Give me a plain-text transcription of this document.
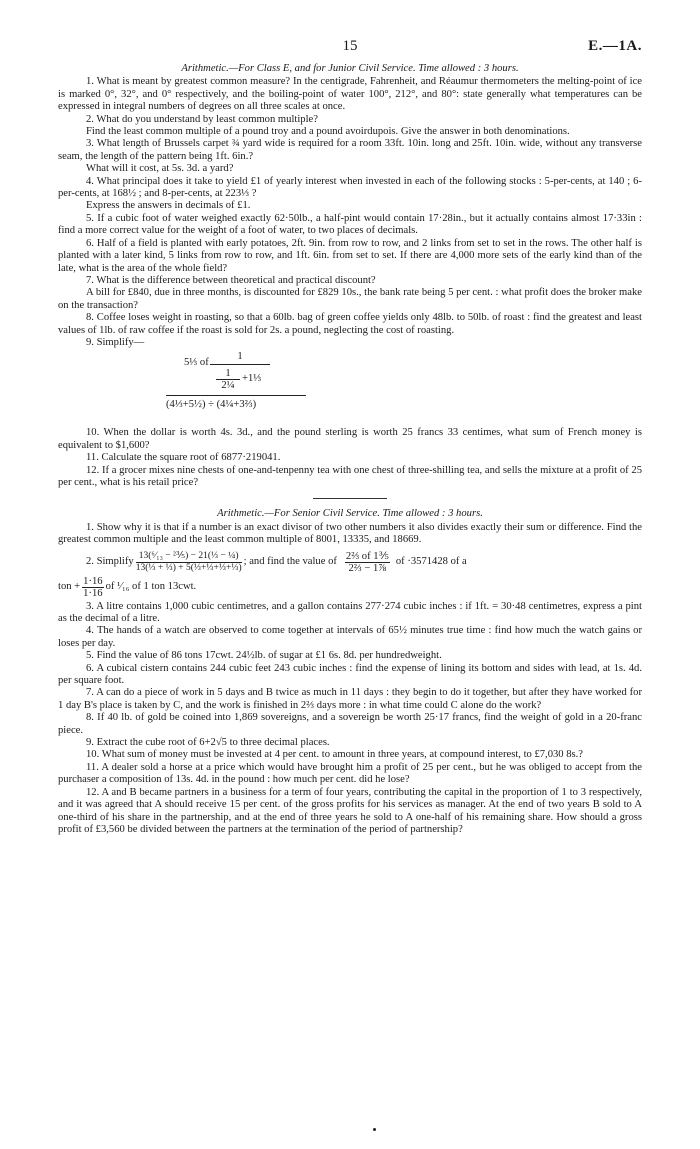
15	E.—1A.
Arithmetic.—For Class E, and for Junior Civil Service. Time allowed : 3 hours.

1. What is meant by greatest common measure? In the centigrade, Fahrenheit, and Réaumur thermometers the melting-point of ice is marked 0°, 32°, and 0° respectively, and the boiling-point of water 100°, 212°, and 80°: state generally what temperatures can be expressed in integral numbers of degrees on all three scales at once.

2. What do you understand by least common multiple?

Find the least common multiple of a pound troy and a pound avoirdupois. Give the answer in both denominations.

3. What length of Brussels carpet ¾ yard wide is required for a room 33ft. 10in. long and 25ft. 10in. wide, without any transverse seam, the length of the pattern being 1ft. 6in.?

What will it cost, at 5s. 3d. a yard?

4. What principal does it take to yield £1 of yearly interest when invested in each of the following stocks : 5-per-cents, at 140 ; 6-per-cents, at 168½ ; and 8-per-cents, at 223⅓ ?

Express the answers in decimals of £1.

5. If a cubic foot of water weighed exactly 62·50lb., a half-pint would contain 17·28in., but it actually contains almost 17·33in : find a more correct value for the weight of a foot of water, to two places of decimals.

6. Half of a field is planted with early potatoes, 2ft. 9in. from row to row, and 2 links from set to set in the rows. The other half is planted with a later kind, 5 links from row to row, and 1ft. 6in. from set to set. If there are 4,000 more sets of the early kind than of the late, what is the area of the whole field?

7. What is the difference between theoretical and practical discount?

A bill for £840, due in three months, is discounted for £829 10s., the bank rate being 5 per cent. : what profit does the broker make on the transaction?

8. Coffee loses weight in roasting, so that a 60lb. bag of green coffee yields only 48lb. to 50lb. of roast : find the greatest and least values of 1lb. of raw coffee if the roast is sold for 2s. a pound, neglecting the cost of roasting.

9. Simplify—

5⅓ of
1
$\frac{1}{\text{2¼}}$ +1⅓
(4⅓+5½) ÷ (4¼+3⅔)

10. When the dollar is worth 4s. 3d., and the pound sterling is worth 25 francs 33 centimes, what sum of French money is equivalent to $1,600?

11. Calculate the square root of 6877·219041.

12. If a grocer mixes nine chests of one-and-tenpenny tea with one chest of three-shilling tea, and sells the mixture at a profit of 25 per cent., what is his retail price?

Arithmetic.—For Senior Civil Service. Time allowed : 3 hours.

1. Show why it is that if a number is an exact divisor of two other numbers it also divides exactly their sum or difference. Find the greatest common multiple and the least common multiple of 8001, 13335, and 18669.

2. Simplify $\frac{\text{13(⁶⁄₁₃ − ²⅗) − 21(⅓ − ¼)}}{\text{13(⅓ + ⅓) + 5(⅓+⅓+⅓+⅓)}}$ ; and find the value of $\frac{\text{2⅔ of 1⅗}}{\text{2⅔ − 1⅞}}$ of ·3571428 of a
ton + $\frac{1\cdot 16}{1\cdot 16}$ of ¹⁄₁₆ of 1 ton 13cwt.

3. A litre contains 1,000 cubic centimetres, and a gallon contains 277·274 cubic inches : if 1ft. = 30·48 centimetres, express a pint as the decimal of a litre.

4. The hands of a watch are observed to come together at intervals of 65½ minutes true time : find how much the watch gains or loses per day.

5. Find the value of 86 tons 17cwt. 24½lb. of sugar at £1 6s. 8d. per hundredweight.

6. A cubical cistern contains 244 cubic feet 243 cubic inches : find the expense of lining its bottom and sides with lead, at 1s. 4d. per square foot.

7. A can do a piece of work in 5 days and B twice as much in 11 days : they begin to do it together, but after they have worked for 1 day B's place is taken by C, and the work is finished in 2⅔ days more : in what time could C alone do the work?

8. If 40 lb. of gold be coined into 1,869 sovereigns, and a sovereign be worth 25·17 francs, find the weight of gold in a 20-franc piece.

9. Extract the cube root of 6+2√5 to three decimal places.

10. What sum of money must be invested at 4 per cent. to amount in three years, at compound interest, to £7,030 8s.?

11. A dealer sold a horse at a price which would have brought him a profit of 25 per cent., but he was obliged to accept from the purchaser a composition of 13s. 4d. in the pound : how much per cent. did he lose?

12. A and B became partners in a business for a term of four years, contributing the capital in the proportion of 1 to 3 respectively, and it was agreed that A should receive 15 per cent. of the gross profits for his services as manager. At the end of two years B sold to A one-third of his share in the partnership, and at the end of three years he sold to A one-half of his remaining share. How should a gross profit of £3,560 be divided between the partners at the termination of the period of partnership?
